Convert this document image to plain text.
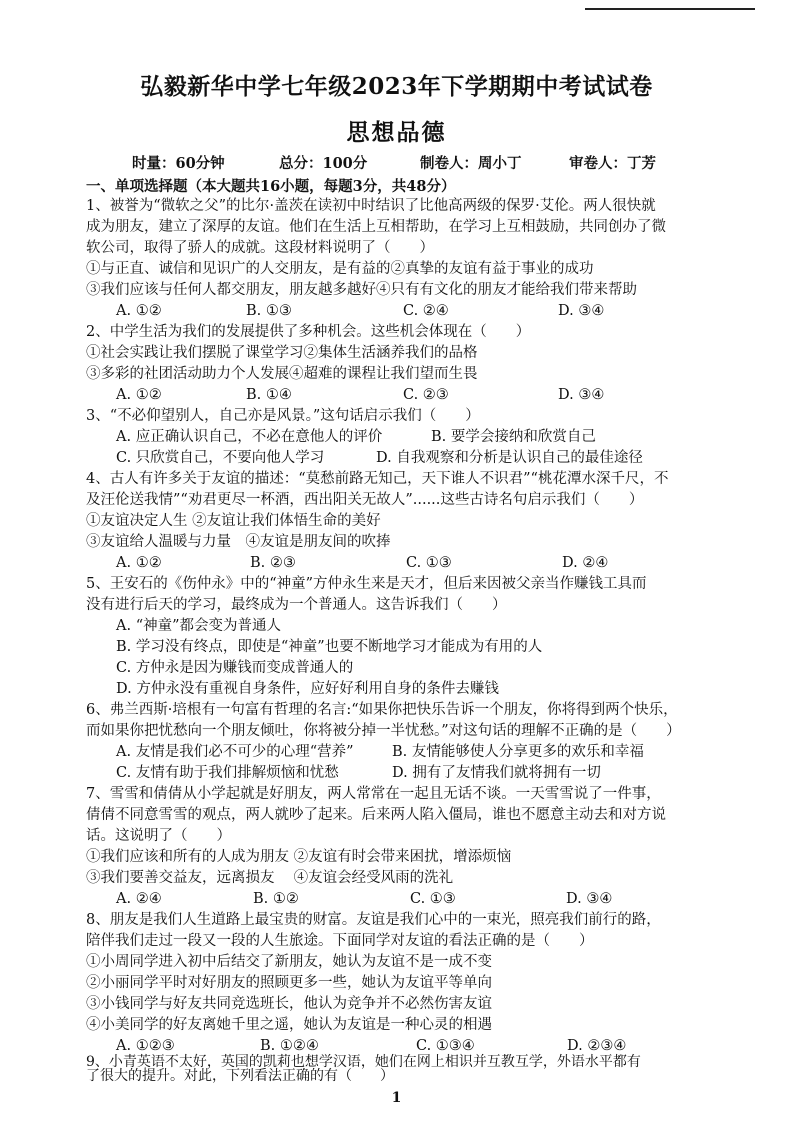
弘毅新华中学七年级2023年下学期期中考试试卷
思想品德
时量：60分钟	总分：100分	制卷人：周小丁	审卷人：丁芳
一、单项选择题（本大题共16小题，每题3分，共48分）
1、被誉为“微软之父”的比尔·盖茨在读初中时结识了比他高两级的保罗·艾伦。两人很快就
成为朋友，建立了深厚的友谊。他们在生活上互相帮助，在学习上互相鼓励，共同创办了微
软公司，取得了骄人的成就。这段材料说明了（　　）
①与正直、诚信和见识广的人交朋友，是有益的②真挚的友谊有益于事业的成功
③我们应该与任何人都交朋友，朋友越多越好④只有有文化的朋友才能给我们带来帮助
A. ①②	B. ①③	C. ②④	D. ③④
2、中学生活为我们的发展提供了多种机会。这些机会体现在（　　）
①社会实践让我们摆脱了课堂学习②集体生活涵养我们的品格
③多彩的社团活动助力个人发展④超难的课程让我们望而生畏
A. ①②	B. ①④	C. ②③	D. ③④
3、“不必仰望别人，自己亦是风景。”这句话启示我们（　　）
A. 应正确认识自己，不必在意他人的评价	B. 要学会接纳和欣赏自己
C. 只欣赏自己，不要向他人学习	D. 自我观察和分析是认识自己的最佳途径
4、古人有许多关于友谊的描述：“莫愁前路无知己，天下谁人不识君”“桃花潭水深千尺，不
及汪伦送我情”“劝君更尽一杯酒，西出阳关无故人”......这些古诗名句启示我们（　　）
①友谊决定人生 ②友谊让我们体悟生命的美好
③友谊给人温暖与力量　④友谊是朋友间的吹捧
A. ①②	B. ②③	C. ①③	D. ②④
5、王安石的《伤仲永》中的“神童”方仲永生来是天才，但后来因被父亲当作赚钱工具而
没有进行后天的学习，最终成为一个普通人。这告诉我们（　　）
A. “神童”都会变为普通人
B. 学习没有终点，即使是“神童”也要不断地学习才能成为有用的人
C. 方仲永是因为赚钱而变成普通人的
D. 方仲永没有重视自身条件，应好好利用自身的条件去赚钱
6、弗兰西斯·培根有一句富有哲理的名言:“如果你把快乐告诉一个朋友，你将得到两个快乐，
而如果你把忧愁向一个朋友倾吐，你将被分掉一半忧愁。”对这句话的理解不正确的是（　　）
A. 友情是我们必不可少的心理“营养”	B. 友情能够使人分享更多的欢乐和幸福
C. 友情有助于我们排解烦恼和忧愁	D. 拥有了友情我们就将拥有一切
7、雪雪和倩倩从小学起就是好朋友，两人常常在一起且无话不谈。一天雪雪说了一件事，
倩倩不同意雪雪的观点，两人就吵了起来。后来两人陷入僵局，谁也不愿意主动去和对方说
话。这说明了（　　）
①我们应该和所有的人成为朋友 ②友谊有时会带来困扰，增添烦恼
③我们要善交益友，远离损友　 ④友谊会经受风雨的洗礼
A. ②④	B. ①②	C. ①③	D. ③④
8、朋友是我们人生道路上最宝贵的财富。友谊是我们心中的一束光，照亮我们前行的路，
陪伴我们走过一段又一段的人生旅途。下面同学对友谊的看法正确的是（　　）
①小周同学进入初中后结交了新朋友，她认为友谊不是一成不变
②小丽同学平时对好朋友的照顾更多一些，她认为友谊平等单向
③小钱同学与好友共同竞选班长，他认为竞争并不必然伤害友谊
④小美同学的好友离她千里之遥，她认为友谊是一种心灵的相遇
A. ①②③	B. ①②④	C. ①③④	D. ②③④
9、小青英语不太好，英国的凯莉也想学汉语，她们在网上相识并互教互学，外语水平都有
了很大的提升。对此，下列看法正确的有（　　）
1
